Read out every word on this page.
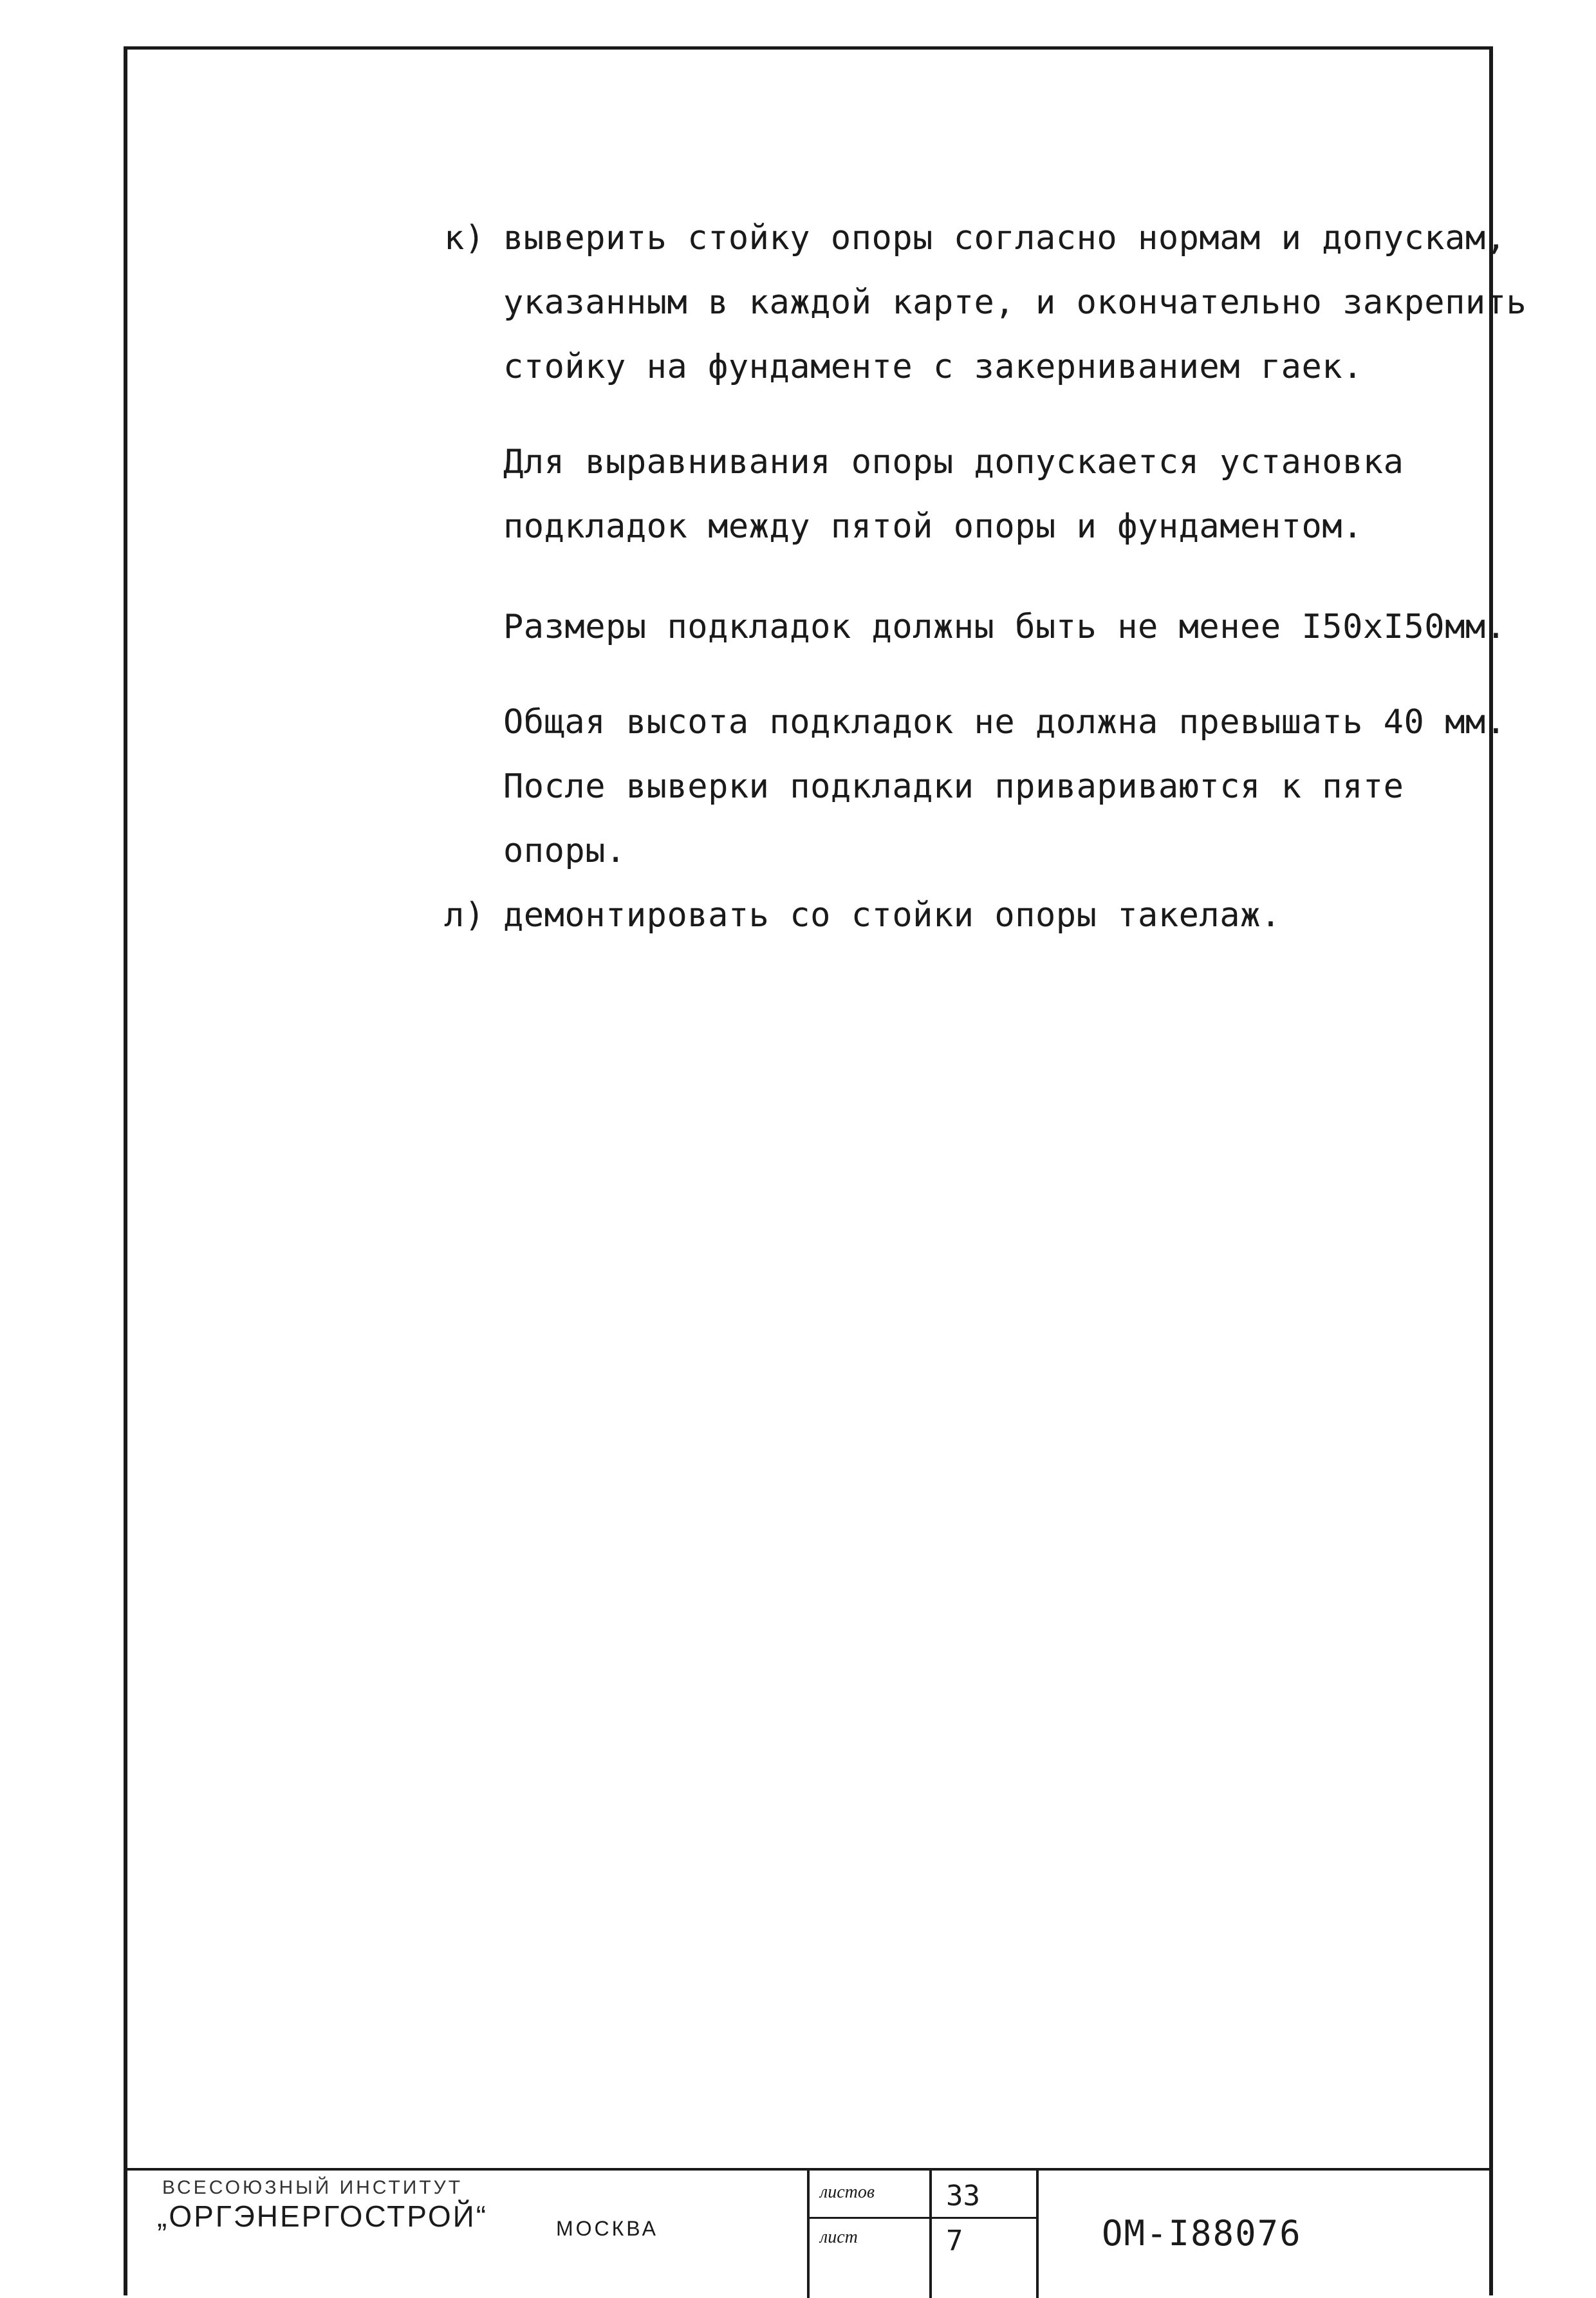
к) выверить стойку опоры согласно нормам и допускам,
указанным в каждой карте, и окончательно закрепить
стойку на фундаменте с закерниванием гаек.
Для выравнивания опоры допускается установка
подкладок между пятой опоры и фундаментом.
Размеры подкладок должны быть не менее I50xI50мм.
Общая высота подкладок не должна превышать 40 мм.
После выверки подкладки привариваются к пяте
опоры.
л) демонтировать со стойки опоры такелаж.
ВСЕСОЮЗНЫЙ ИНСТИТУТ
„ОРГЭНЕРГОСТРОЙ“	МОСКВА
листов
лист
33
7	ОМ-I88076
